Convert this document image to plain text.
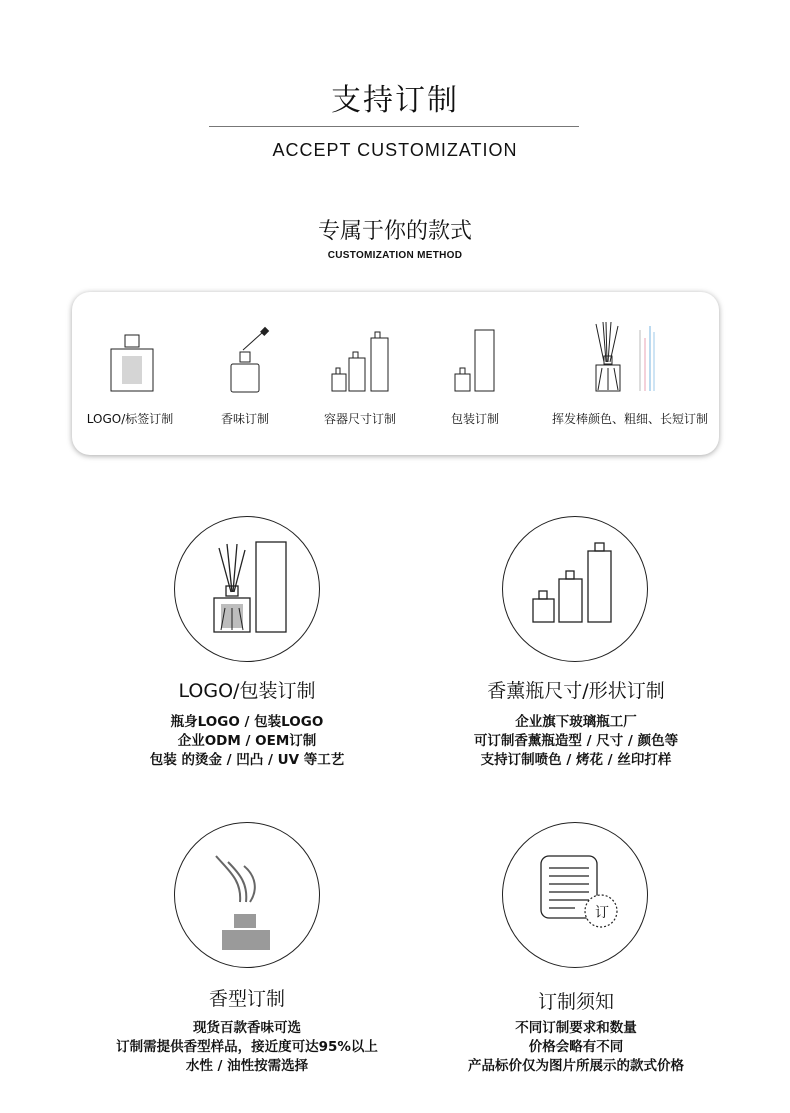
支持订制
ACCEPT CUSTOMIZATION
专属于你的款式
CUSTOMIZATION METHOD
LOGO/标签订制	香味订制	容器尺寸订制	包装订制	挥发棒颜色、粗细、长短订制
LOGO/包装订制
瓶身LOGO / 包装LOGO
企业ODM / OEM订制
包装 的烫金 / 凹凸 / UV 等工艺
香薰瓶尺寸/形状订制
企业旗下玻璃瓶工厂
可订制香薰瓶造型 / 尺寸 / 颜色等
支持订制喷色 / 烤花 / 丝印打样
香型订制
现货百款香味可选
订制需提供香型样品，接近度可达95%以上
水性 / 油性按需选择
订
订制须知
不同订制要求和数量
价格会略有不同
产品标价仅为图片所展示的款式价格
